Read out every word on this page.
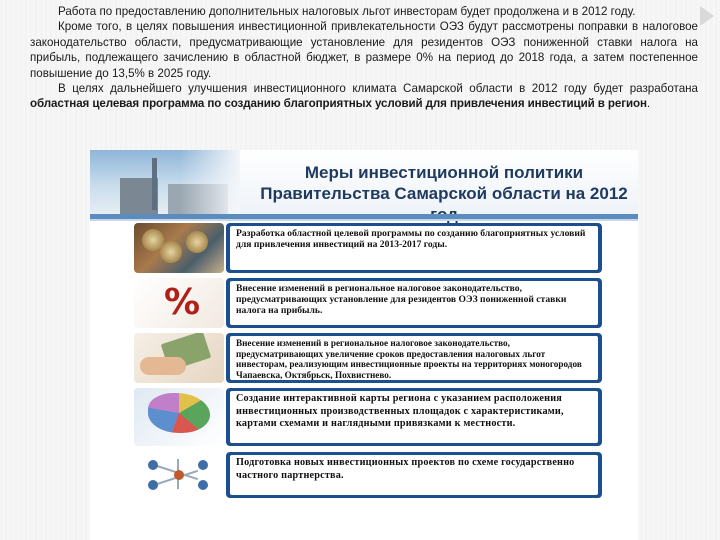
Работа по предоставлению дополнительных налоговых льгот инвесторам будет продолжена и в 2012 году.

Кроме того, в целях повышения инвестиционной привлекательности ОЭЗ будут рассмотрены поправки в налоговое законодательство области, предусматривающие установление для резидентов ОЭЗ пониженной ставки налога на прибыль, подлежащего зачислению в областной бюджет, в размере 0% на период до 2018 года, а затем постепенное повышение до 13,5% в 2025 году.

В целях дальнейшего улучшения инвестиционного климата Самарской области в 2012 году будет разработана областная целевая программа по созданию благоприятных условий для привлечения инвестиций в регион.

Меры инвестиционной политики Правительства Самарской области на 2012
Разработка областной целевой программы по созданию благоприятных условий для привлечения инвестиций на 2013-2017 годы.
%	Внесение изменений в региональное налоговое законодательство, предусматривающих установление для резидентов ОЭЗ пониженной ставки налога на прибыль.
Внесение изменений в региональное налоговое законодательство, предусматривающих увеличение сроков предоставления налоговых льгот инвесторам, реализующим инвестиционные проекты на территориях моногородов Чапаевска, Октябрьск, Похвистнево.
Создание интерактивной карты региона с указанием расположения инвестиционных производственных площадок с характеристиками, картами схемами и наглядными привязками к местности.
Подготовка новых инвестиционных проектов по схеме государственно частного партнерства.
